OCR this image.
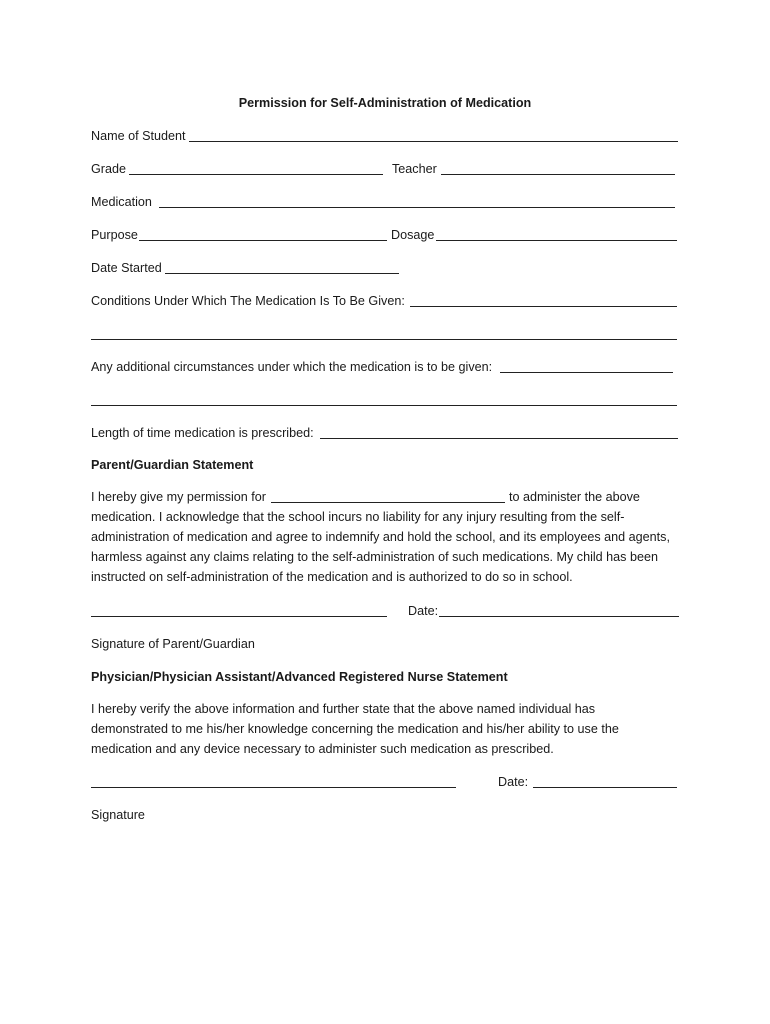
Permission for Self-Administration of Medication
Name of Student
Grade	Teacher
Medication
Purpose	Dosage
Date Started
Conditions Under Which The Medication Is To Be Given:
Any additional circumstances under which the medication is to be given:
Length of time medication is prescribed:
Parent/Guardian Statement
I hereby give my permission for	to administer the above
medication. I acknowledge that the school incurs no liability for any injury resulting from the self-
administration of medication and agree to indemnify and hold the school, and its employees and agents,
harmless against any claims relating to the self-administration of such medications. My child has been
instructed on self-administration of the medication and is authorized to do so in school.
Date:
Signature of Parent/Guardian
Physician/Physician Assistant/Advanced Registered Nurse Statement
I hereby verify the above information and further state that the above named individual has
demonstrated to me his/her knowledge concerning the medication and his/her ability to use the
medication and any device necessary to administer such medication as prescribed.
Date:
Signature
